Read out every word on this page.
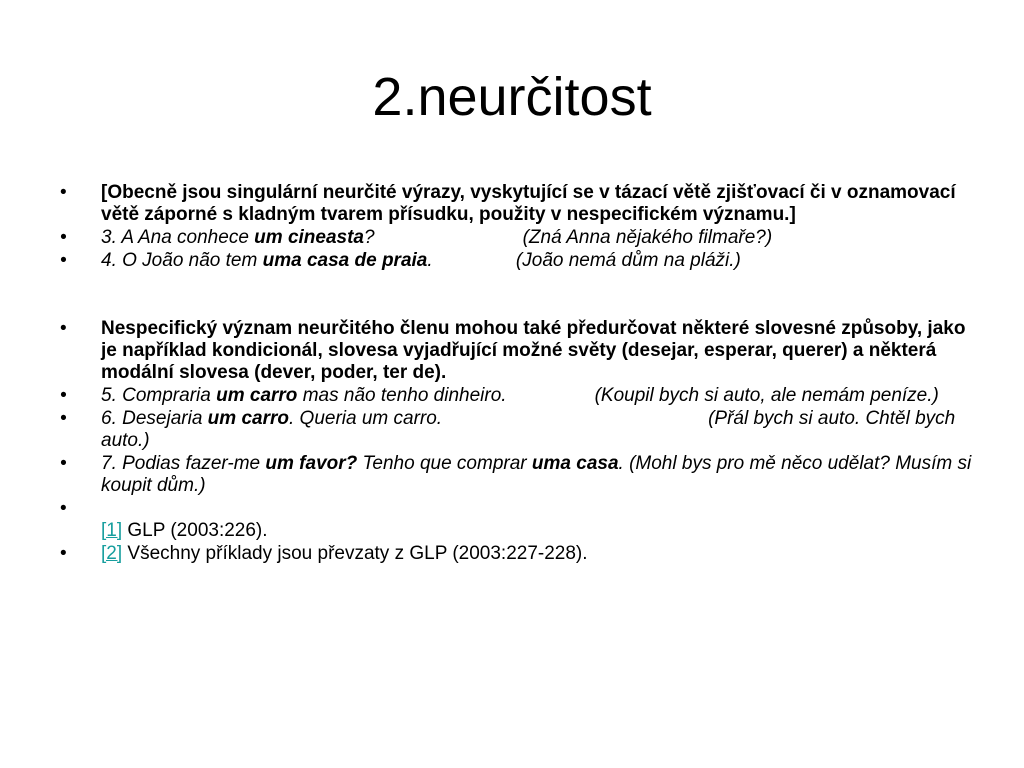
2.neurčitost
•	[Obecně jsou singulární neurčité výrazy, vyskytující se v tázací větě zjišťovací či v oznamovací větě záporné s kladným tvarem přísudku, použity v nespecifickém významu.]
•	3. A Ana conhece um cineasta?	(Zná Anna nějakého filmaře?)
•	4. O João não tem uma casa de praia.	(João nemá dům na pláži.)
•	Nespecifický význam neurčitého členu mohou také předurčovat některé slovesné způsoby, jako je například kondicionál, slovesa vyjadřující možné světy (desejar, esperar, querer) a některá modální slovesa (dever, poder, ter de).
•	5. Compraria um carro mas não tenho dinheiro.	(Koupil bych si auto, ale nemám peníze.)
•	6. Desejaria um carro. Queria um carro.	(Přál bych si auto. Chtěl bych auto.)
•	7. Podias fazer-me um favor? Tenho que comprar uma casa. (Mohl bys pro mě něco udělat? Musím si koupit dům.)
•

[1] GLP (2003:226).
•	[2] Všechny příklady jsou převzaty z GLP (2003:227-228).
